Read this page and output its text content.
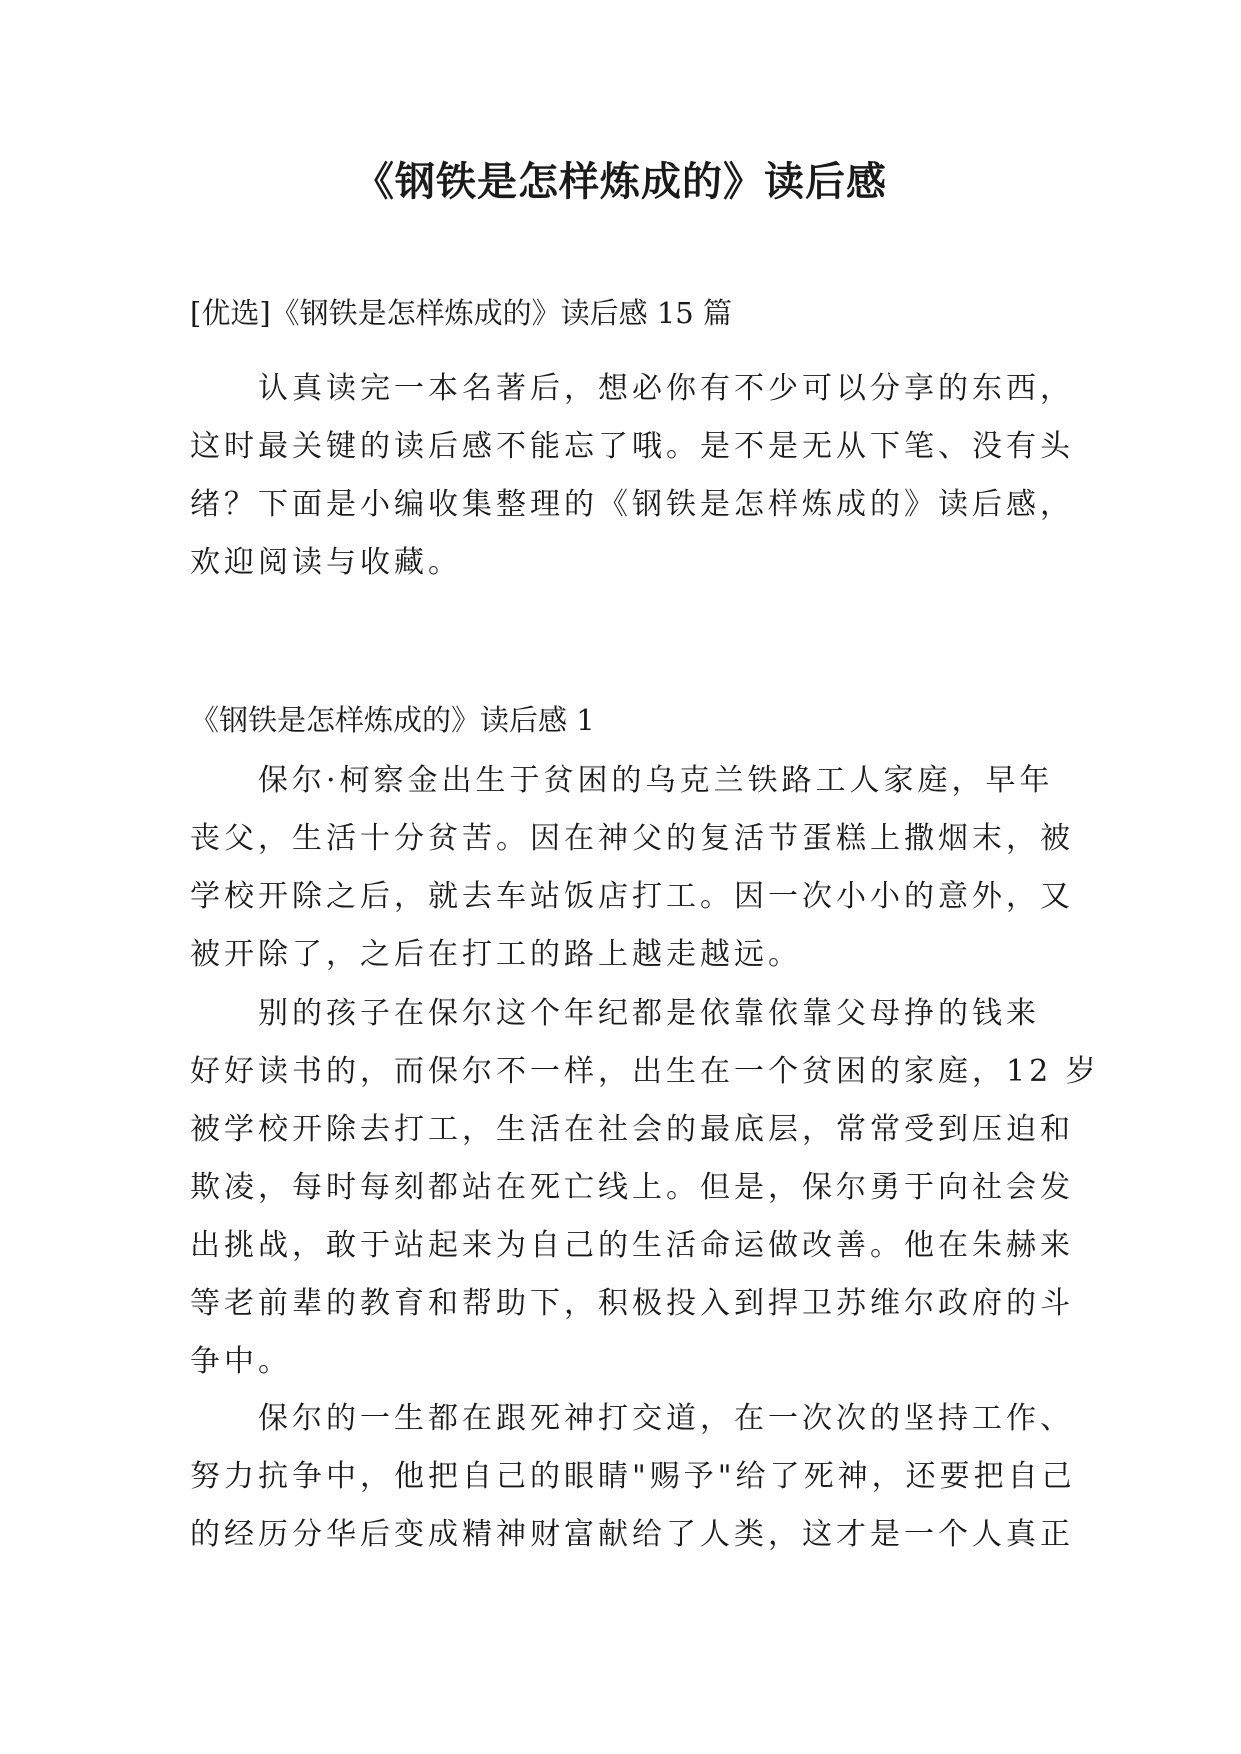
《钢铁是怎样炼成的》读后感
[优选]《钢铁是怎样炼成的》读后感 15 篇
　　认真读完一本名著后，想必你有不少可以分享的东西，
这时最关键的读后感不能忘了哦。是不是无从下笔、没有头
绪？下面是小编收集整理的《钢铁是怎样炼成的》读后感，
欢迎阅读与收藏。
《钢铁是怎样炼成的》读后感 1
　　保尔·柯察金出生于贫困的乌克兰铁路工人家庭，早年
丧父，生活十分贫苦。因在神父的复活节蛋糕上撒烟末，被
学校开除之后，就去车站饭店打工。因一次小小的意外，又
被开除了，之后在打工的路上越走越远。
　　别的孩子在保尔这个年纪都是依靠依靠父母挣的钱来
好好读书的，而保尔不一样，出生在一个贫困的家庭，12 岁
被学校开除去打工，生活在社会的最底层，常常受到压迫和
欺凌，每时每刻都站在死亡线上。但是，保尔勇于向社会发
出挑战，敢于站起来为自己的生活命运做改善。他在朱赫来
等老前辈的教育和帮助下，积极投入到捍卫苏维尔政府的斗
争中。
　　保尔的一生都在跟死神打交道，在一次次的坚持工作、
努力抗争中，他把自己的眼睛"赐予"给了死神，还要把自己
的经历分华后变成精神财富献给了人类，这才是一个人真正
